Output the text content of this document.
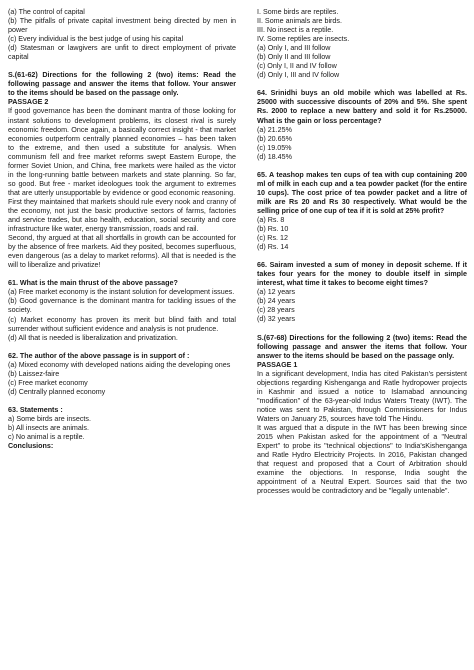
(a) The control of capital
(b) The pitfalls of private capital investment being directed by men in power
(c) Every individual is the best judge of using his capital
(d) Statesman or lawgivers are unfit to direct employment of private capital
S.(61-62) Directions for the following 2 (two) items: Read the following passage and answer the items that follow. Your answer to the items should be based on the passage only.
PASSAGE 2
If good governance has been the dominant mantra of those looking for instant solutions to development problems, its closest rival is surely economic freedom. Once again, a basically correct insight - that market economies outperform centrally planned economies – has been taken to the extreme, and then used a substitute for analysis. When communism fell and free market reforms swept Eastern Europe, the former Soviet Union, and China, free markets were hailed as the victor in the long-running battle between markets and state planning. So far, so good. But free - market ideologues took the argument to extremes that are utterly unsupportable by evidence or good economic reasoning.
First they maintained that markets should rule every nook and cranny of the economy, not just the basic productive sectors of farms, factories and service trades, but also health, education, social security and core infrastructure like water, energy transmission, roads and rail.
Second, thy argued at that all shortfalls in growth can be accounted for by the absence of free markets. Aid they posited, becomes superfluous, even dangerous (as a delay to market reforms). All that is needed is the will to liberalize and privatize!
61. What is the main thrust of the above passage?
(a) Free market economy is the instant solution for development issues.
(b) Good governance is the dominant mantra for tackling issues of the society.
(c) Market economy has proven its merit but blind faith and total surrender without sufficient evidence and analysis is not prudence.
(d) All that is needed is liberalization and privatization.
62. The author of the above passage is in support of :
(a) Mixed economy with developed nations aiding the developing ones
(b) Laissez-faire
(c) Free market economy
(d) Centrally planned economy
63. Statements :
a) Some birds are insects.
b) All insects are animals.
c) No animal is a reptile.
Conclusions:
I. Some birds are reptiles.
II. Some animals are birds.
III. No insect is a reptile.
IV. Some reptiles are insects.
(a) Only I, and III follow
(b) Only II and III follow
(c) Only I, II and IV follow
(d) Only I, III and IV follow
64. Srinidhi buys an old mobile which was labelled at Rs. 25000 with successive discounts of 20% and 5%. She spent Rs. 2000 to replace a new battery and sold it for Rs.25000. What is the gain or loss percentage?
(a) 21.25%
(b) 20.65%
(c) 19.05%
(d) 18.45%
65. A teashop makes ten cups of tea with cup containing 200 ml of milk in each cup and a tea powder packet (for the entire 10 cups). The cost price of tea powder packet and a litre of milk are Rs 20 and Rs 30 respectively. What would be the selling price of one cup of tea if it is sold at 25% profit?
(a) Rs. 8
(b) Rs. 10
(c) Rs. 12
(d) Rs. 14
66. Sairam invested a sum of money in deposit scheme. If it takes four years for the money to double itself in simple interest, what time it takes to become eight times?
(a) 12 years
(b) 24 years
(c) 28 years
(d) 32 years
S.(67-68) Directions for the following 2 (two) items: Read the following passage and answer the items that follow. Your answer to the items should be based on the passage only.
PASSAGE 1
In a significant development, India has cited Pakistan's persistent objections regarding Kishenganga and Ratle hydropower projects in Kashmir and issued a notice to Islamabad announcing "modification" of the 63-year-old Indus Waters Treaty (IWT). The notice was sent to Pakistan, through Commissioners for Indus Waters on January 25, sources have told The Hindu.
It was argued that a dispute in the IWT has been brewing since 2015 when Pakistan asked for the appointment of a "Neutral Expert" to probe its "technical objections" to India'sKishenganga and Ratle Hydro Electricity Projects. In 2016, Pakistan changed that request and proposed that a Court of Arbitration should examine the objections. In response, India sought the appointment of a Neutral Expert. Sources said that the two processes would be contradictory and be "legally untenable".
